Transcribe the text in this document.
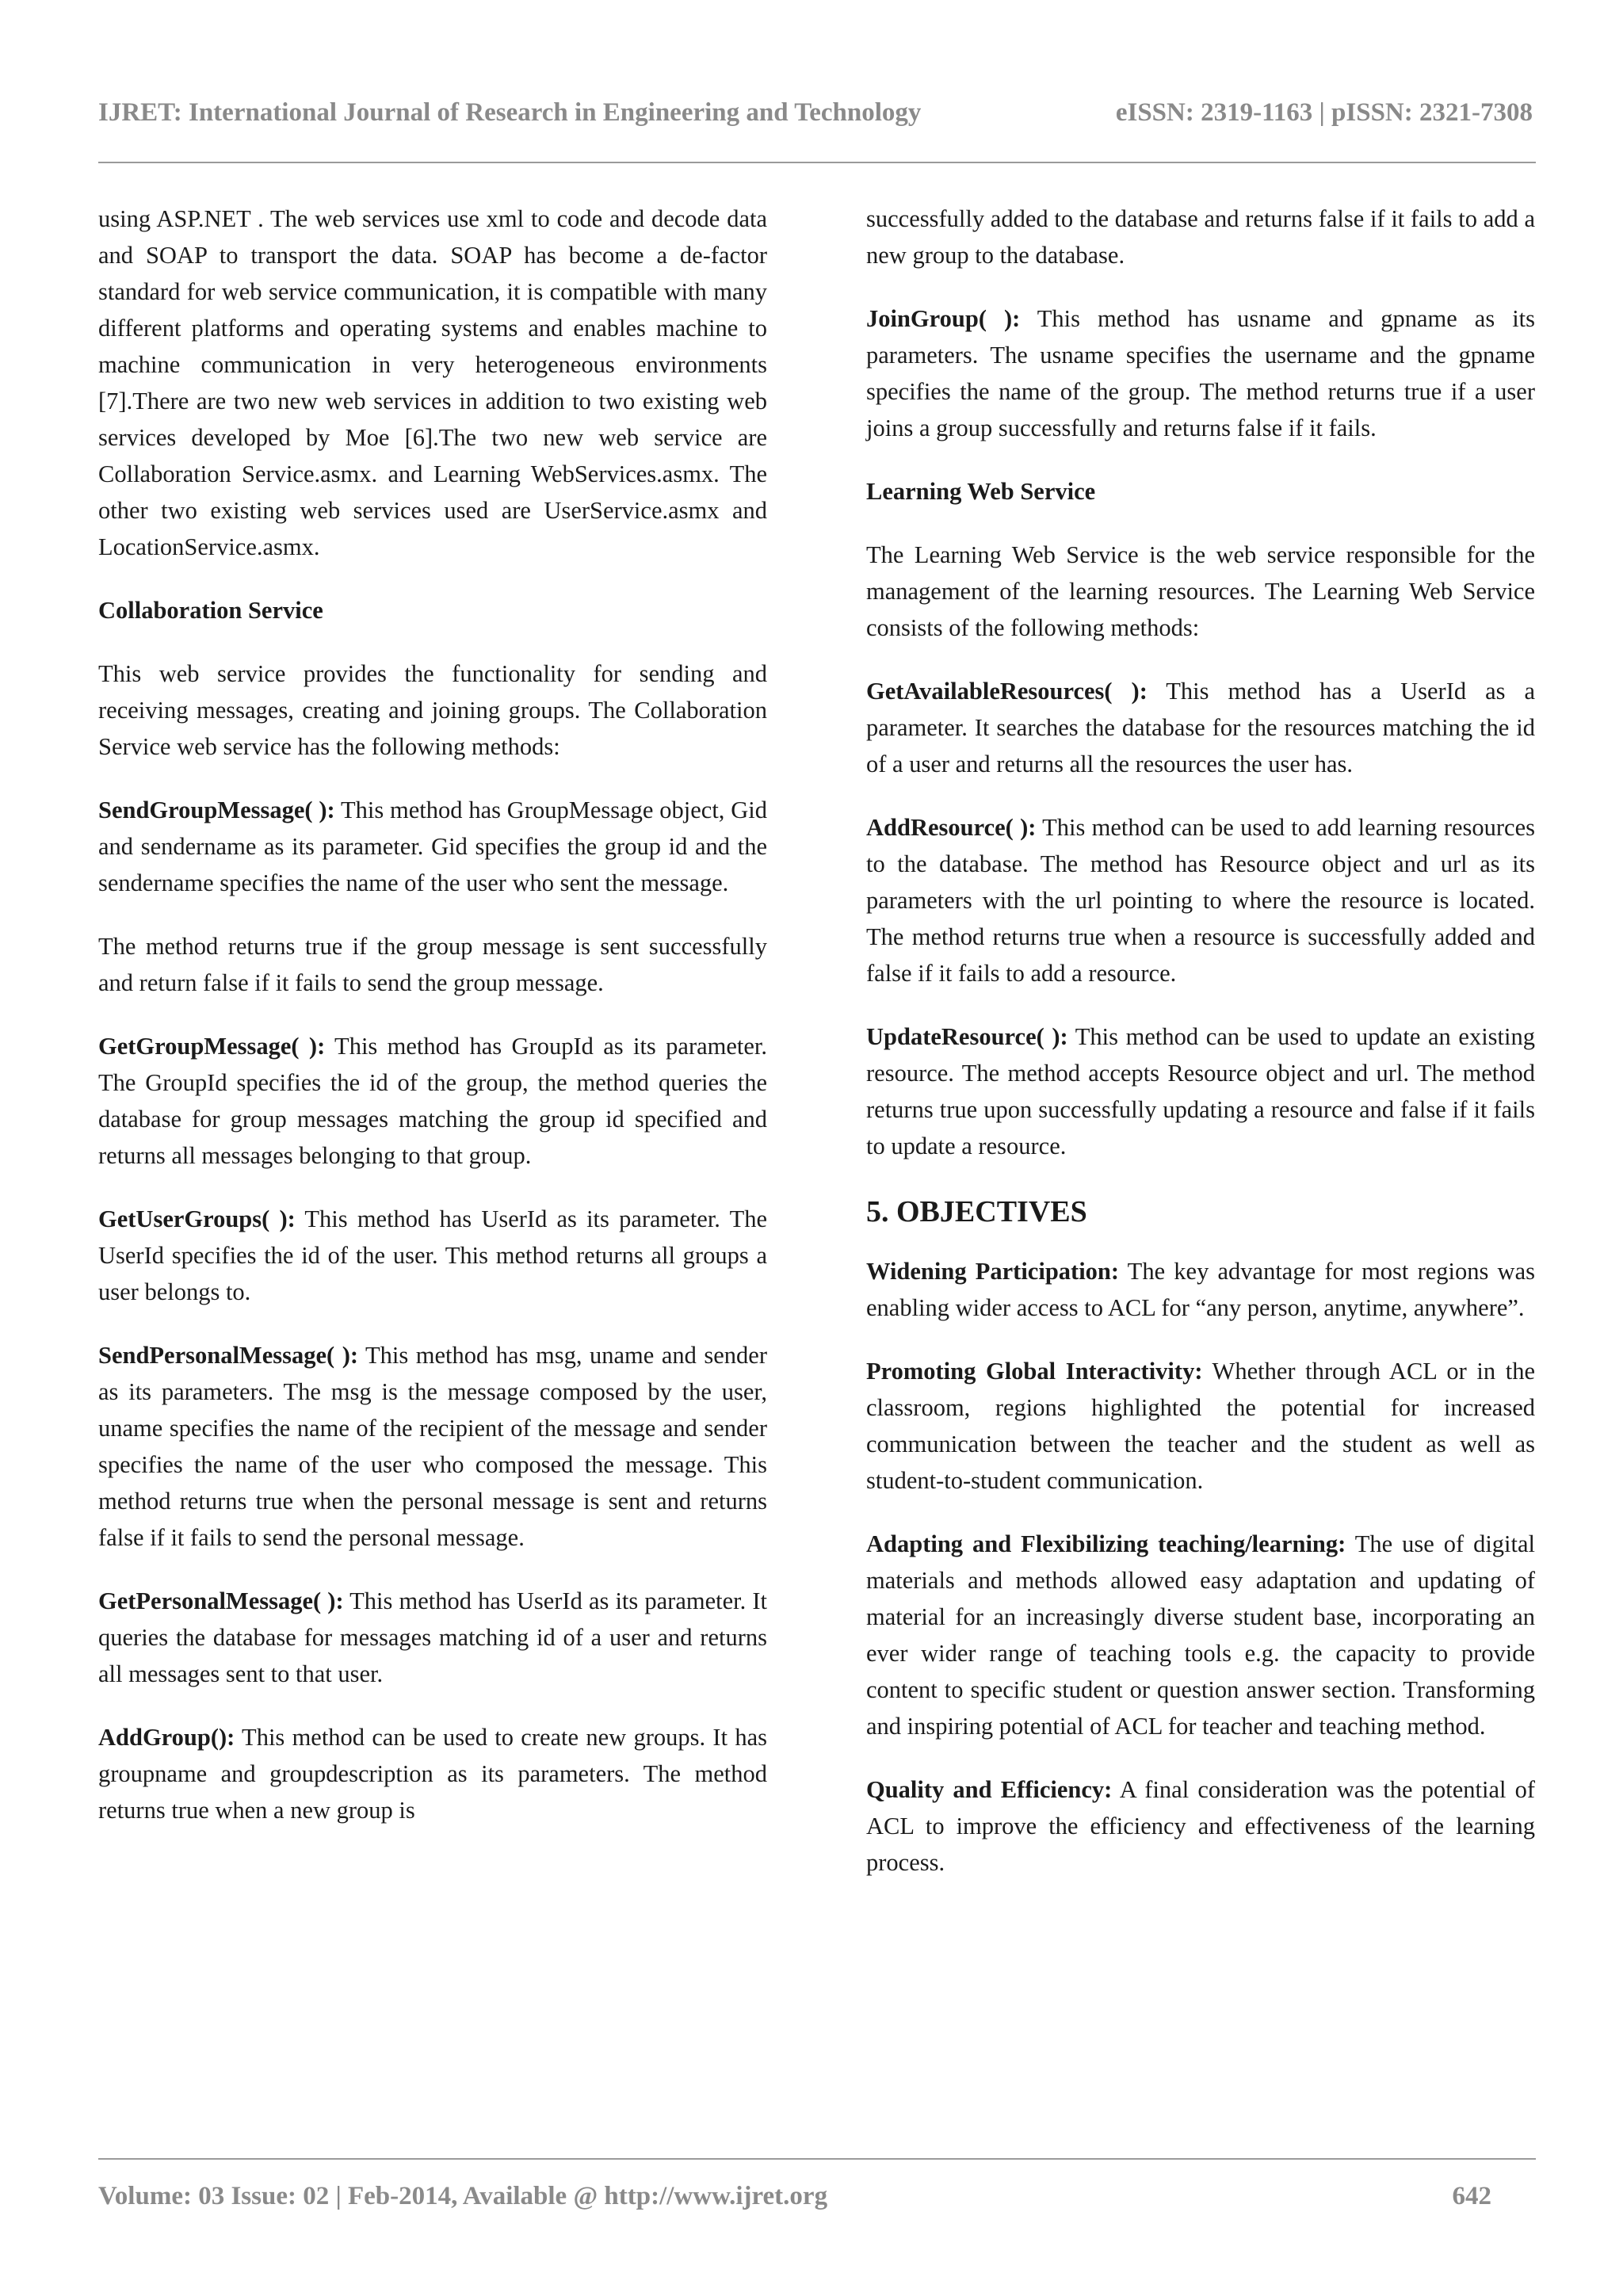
IJRET: International Journal of Research in Engineering and Technology	eISSN: 2319-1163 | pISSN: 2321-7308

using ASP.NET . The web services use xml to code and decode data and SOAP to transport the data. SOAP has become a de-factor standard for web service communication, it is compatible with many different platforms and operating systems and enables machine to machine communication in very heterogeneous environments [7].There are two new web services in addition to two existing web services developed by Moe [6].The two new web service are Collaboration Service.asmx. and Learning WebServices.asmx. The other two existing web services used are UserService.asmx and LocationService.asmx.

Collaboration Service

This web service provides the functionality for sending and receiving messages, creating and joining groups. The Collaboration Service web service has the following methods:

SendGroupMessage( ): This method has GroupMessage object, Gid and sendername as its parameter. Gid specifies the group id and the sendername specifies the name of the user who sent the message.

The method returns true if the group message is sent successfully and return false if it fails to send the group message.

GetGroupMessage( ): This method has GroupId as its parameter. The GroupId specifies the id of the group, the method queries the database for group messages matching the group id specified and returns all messages belonging to that group.

GetUserGroups( ): This method has UserId as its parameter. The UserId specifies the id of the user. This method returns all groups a user belongs to.

SendPersonalMessage( ): This method has msg, uname and sender as its parameters. The msg is the message composed by the user, uname specifies the name of the recipient of the message and sender specifies the name of the user who composed the message. This method returns true when the personal message is sent and returns false if it fails to send the personal message.

GetPersonalMessage( ): This method has UserId as its parameter. It queries the database for messages matching id of a user and returns all messages sent to that user.

AddGroup(): This method can be used to create new groups. It has groupname and groupdescription as its parameters. The method returns true when a new group is

successfully added to the database and returns false if it fails to add a new group to the database.

JoinGroup( ): This method has usname and gpname as its parameters. The usname specifies the username and the gpname specifies the name of the group. The method returns true if a user joins a group successfully and returns false if it fails.

Learning Web Service

The Learning Web Service is the web service responsible for the management of the learning resources. The Learning Web Service consists of the following methods:

GetAvailableResources( ): This method has a UserId as a parameter. It searches the database for the resources matching the id of a user and returns all the resources the user has.

AddResource( ): This method can be used to add learning resources to the database. The method has Resource object and url as its parameters with the url pointing to where the resource is located. The method returns true when a resource is successfully added and false if it fails to add a resource.

UpdateResource( ): This method can be used to update an existing resource. The method accepts Resource object and url. The method returns true upon successfully updating a resource and false if it fails to update a resource.

5. OBJECTIVES

Widening Participation: The key advantage for most regions was enabling wider access to ACL for “any person, anytime, anywhere”.

Promoting Global Interactivity: Whether through ACL or in the classroom, regions highlighted the potential for increased communication between the teacher and the student as well as student-to-student communication.

Adapting and Flexibilizing teaching/learning: The use of digital materials and methods allowed easy adaptation and updating of material for an increasingly diverse student base, incorporating an ever wider range of teaching tools e.g. the capacity to provide content to specific student or question answer section. Transforming and inspiring potential of ACL for teacher and teaching method.

Quality and Efficiency: A final consideration was the potential of ACL to improve the efficiency and effectiveness of the learning process.

Volume: 03 Issue: 02 | Feb-2014, Available @ http://www.ijret.org	642
